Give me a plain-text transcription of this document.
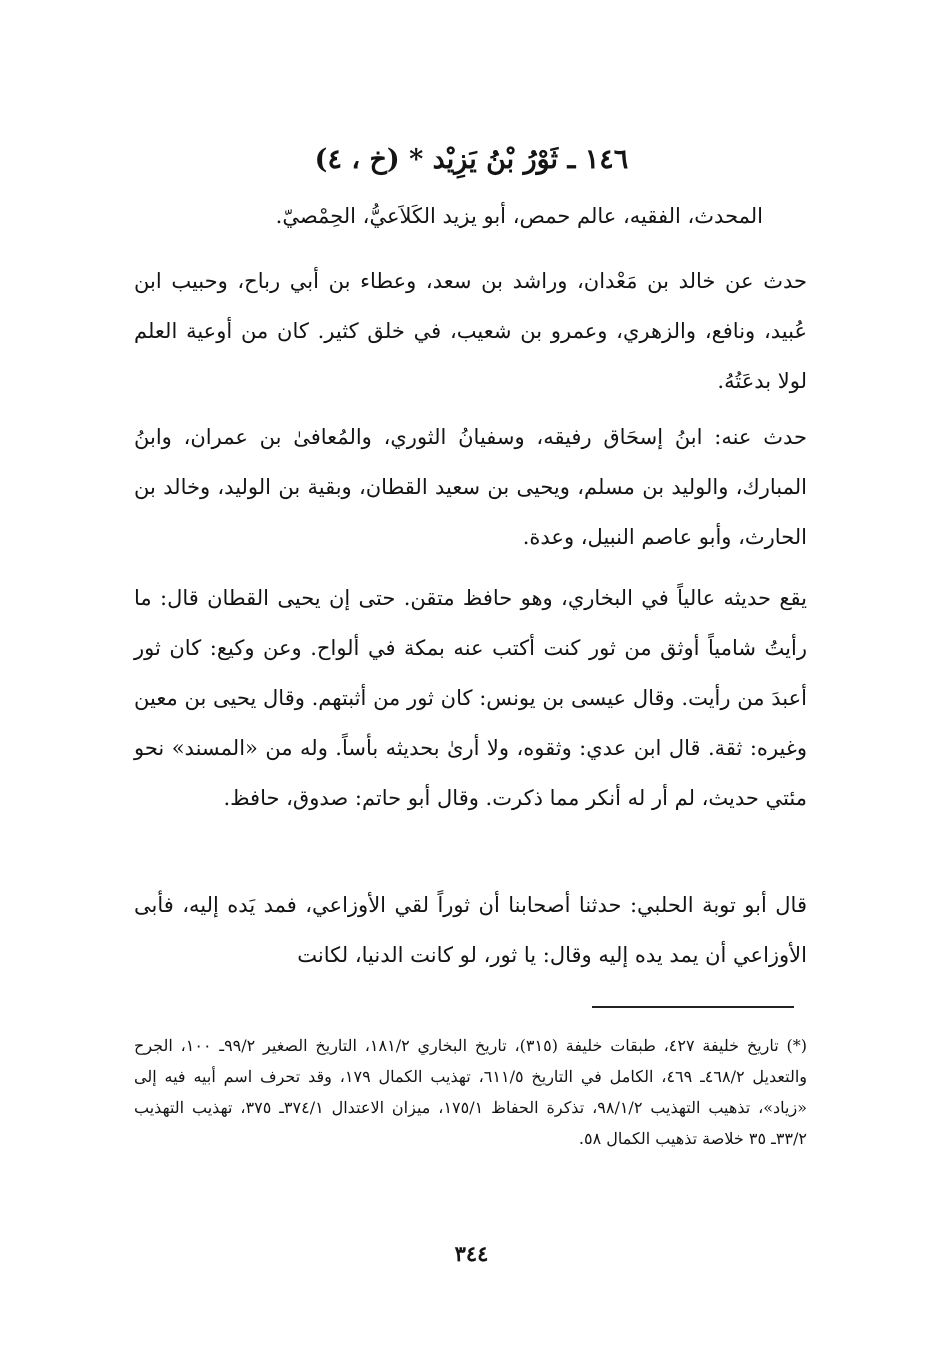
١٤٦ ـ ثَوْرُ بْنُ يَزِيْد * (خ ، ٤)
المحدث، الفقيه، عالم حمص، أبو يزيد الكَلاَعيُّ، الحِمْصيّ.

حدث عن خالد بن مَعْدان، وراشد بن سعد، وعطاء بن أبي رباح، وحبيب ابن عُبيد، ونافع، والزهري، وعمرو بن شعيب، في خلق كثير. كان من أوعية العلم لولا بدعَتُهُ.

حدث عنه: ابنُ إسحَاق رفيقه، وسفيانُ الثوري، والمُعافىٰ بن عمران، وابنُ المبارك، والوليد بن مسلم، ويحيى بن سعيد القطان، وبقية بن الوليد، وخالد بن الحارث، وأبو عاصم النبيل، وعدة.

يقع حديثه عالياً في البخاري، وهو حافظ متقن. حتى إن يحيى القطان قال: ما رأيتُ شامياً أوثق من ثور كنت أكتب عنه بمكة في ألواح. وعن وكيع: كان ثور أعبدَ من رأيت. وقال عيسى بن يونس: كان ثور من أثبتهم. وقال يحيى بن معين وغيره: ثقة. قال ابن عدي: وثقوه، ولا أرىٰ بحديثه بأساً. وله من «المسند» نحو مئتي حديث، لم أر له أنكر مما ذكرت. وقال أبو حاتم: صدوق، حافظ.

قال أبو توبة الحلبي: حدثنا أصحابنا أن ثوراً لقي الأوزاعي، فمد يَده إليه، فأبى الأوزاعي أن يمد يده إليه وقال: يا ثور، لو كانت الدنيا، لكانت

(*) تاريخ خليفة ٤٢٧، طبقات خليفة (٣١٥)، تاريخ البخاري ١٨١/٢، التاريخ الصغير ٩٩/٢ـ ١٠٠، الجرح والتعديل ٤٦٨/٢ـ ٤٦٩، الكامل في التاريخ ٦١١/٥، تهذيب الكمال ١٧٩، وقد تحرف اسم أبيه فيه إلى «زياد»، تذهيب التهذيب ٩٨/١/٢، تذكرة الحفاظ ١٧٥/١، ميزان الاعتدال ٣٧٤/١ـ ٣٧٥، تهذيب التهذيب ٣٣/٢ـ ٣٥ خلاصة تذهيب الكمال ٥٨.

٣٤٤
